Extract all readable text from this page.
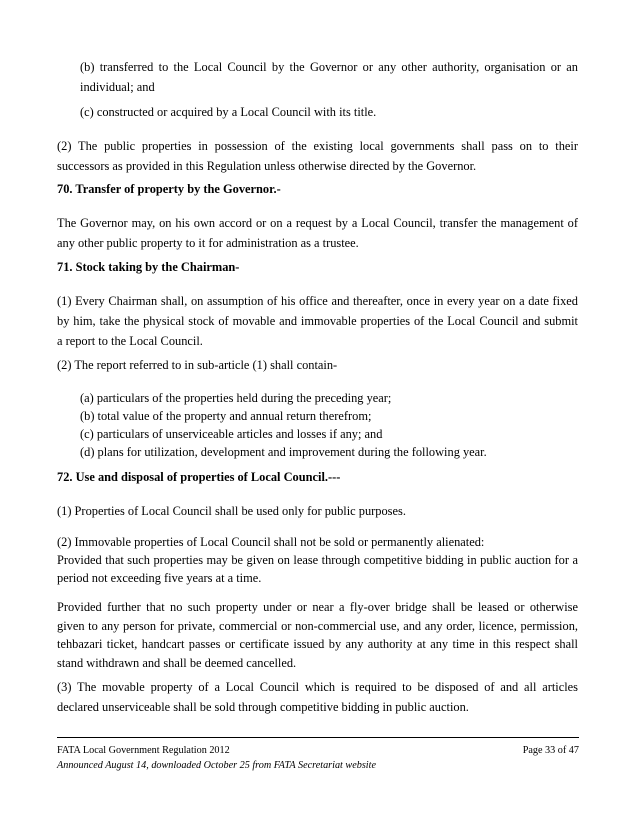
(b) transferred to the Local Council by the Governor or any other authority, organisation or an
individual; and
(c) constructed or acquired by a Local Council with its title.
(2) The public properties in possession of the existing local governments shall pass on to their
successors as provided in this Regulation unless otherwise directed by the Governor.
70. Transfer of property by the Governor.-
The Governor may, on his own accord or on a request by a Local Council, transfer the management of
any other public property to it for administration as a trustee.
71. Stock taking by the Chairman-
(1) Every Chairman shall, on assumption of his office and thereafter, once in every year on a date fixed
by him, take the physical stock of movable and immovable properties of the Local Council and submit
a report to the Local Council.
(2) The report referred to in sub-article (1) shall contain-
(a) particulars of the properties held during the preceding year;
(b) total value of the property and annual return therefrom;
(c) particulars of unserviceable articles and losses if any; and
(d) plans for utilization, development and improvement during the following year.
72. Use and disposal of properties of Local Council.---
(1) Properties of Local Council shall be used only for public purposes.
(2) Immovable properties of Local Council shall not be sold or permanently alienated:
Provided that such properties may be given on lease through competitive bidding in public auction for a
period not exceeding five years at a time.
Provided further that no such property under or near a fly-over bridge shall be leased or otherwise
given to any person for private, commercial or non-commercial use, and any order, licence, permission,
tehbazari ticket, handcart passes or certificate issued by any authority at any time in this respect shall
stand withdrawn and shall be deemed cancelled.
(3) The movable property of a Local Council which is required to be disposed of and all articles
declared unserviceable shall be sold through competitive bidding in public auction.
FATA Local Government Regulation 2012	Page 33 of 47
Announced August 14, downloaded October 25 from FATA Secretariat website
